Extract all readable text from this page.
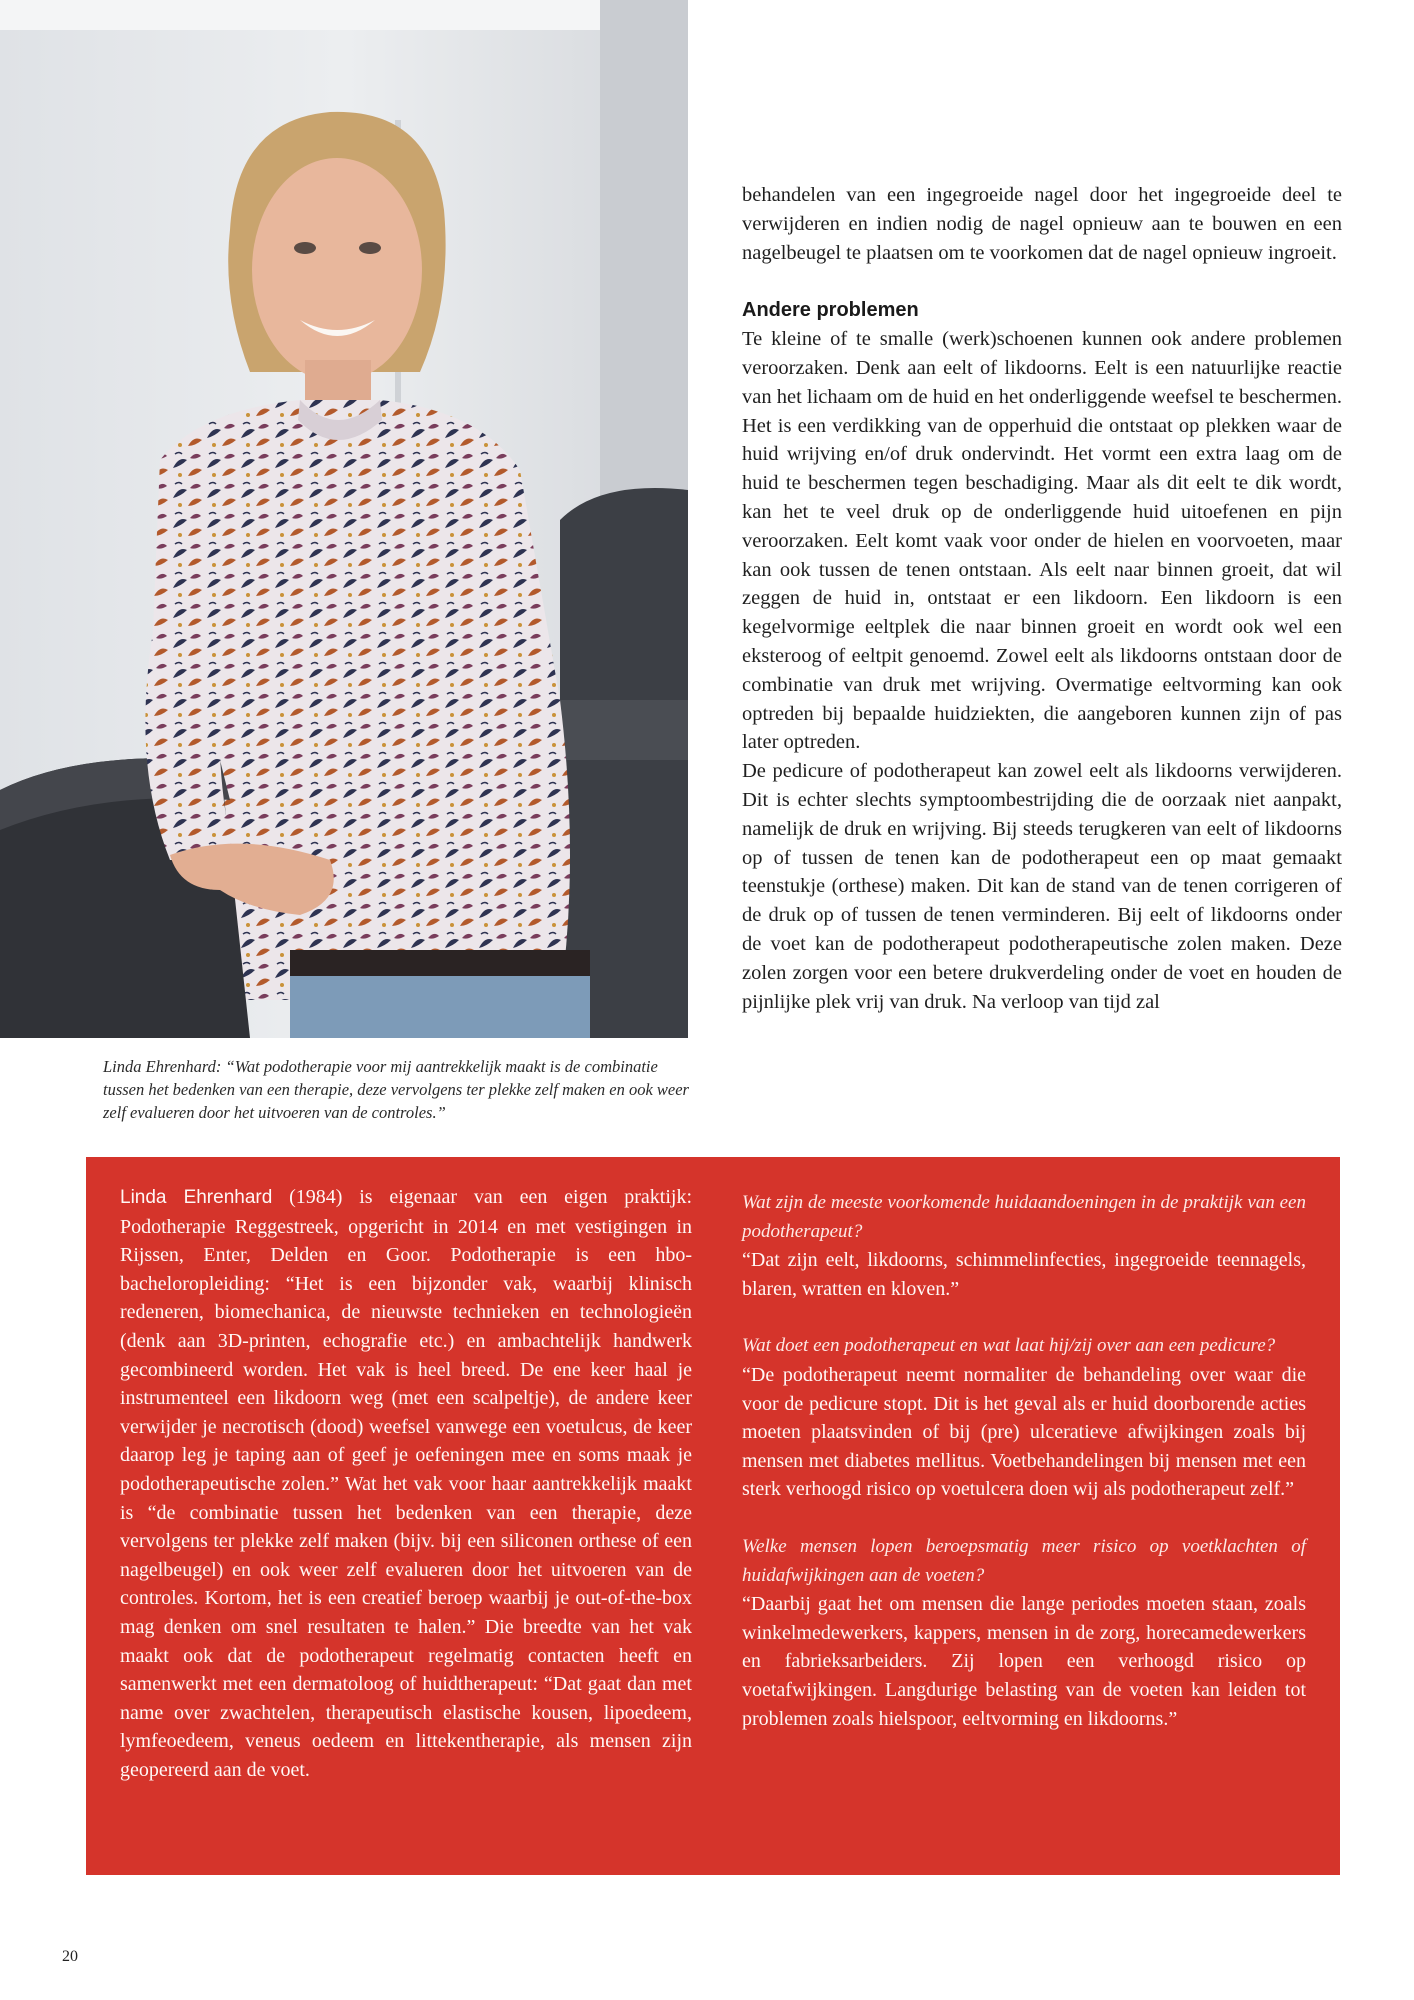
Linda Ehrenhard: “Wat podotherapie voor mij aantrekkelijk maakt is de combinatie tussen het bedenken van een therapie, deze vervolgens ter plekke zelf maken en ook weer zelf evalueren door het uitvoeren van de controles.”

behandelen van een ingegroeide nagel door het ingegroeide deel te verwijderen en indien nodig de nagel opnieuw aan te bouwen en een nagelbeugel te plaatsen om te voorkomen dat de nagel opnieuw ingroeit.

Andere problemen

Te kleine of te smalle (werk)schoenen kunnen ook andere problemen veroorzaken. Denk aan eelt of likdoorns. Eelt is een natuurlijke reactie van het lichaam om de huid en het onderliggende weefsel te beschermen. Het is een verdikking van de opperhuid die ontstaat op plekken waar de huid wrijving en/of druk ondervindt. Het vormt een extra laag om de huid te beschermen tegen beschadiging. Maar als dit eelt te dik wordt, kan het te veel druk op de onderliggende huid uitoefenen en pijn veroorzaken. Eelt komt vaak voor onder de hielen en voorvoeten, maar kan ook tussen de tenen ontstaan. Als eelt naar binnen groeit, dat wil zeggen de huid in, ontstaat er een likdoorn. Een likdoorn is een kegelvormige eeltplek die naar binnen groeit en wordt ook wel een eksteroog of eeltpit genoemd. Zowel eelt als likdoorns ontstaan door de combinatie van druk met wrijving. Overmatige eeltvorming kan ook optreden bij bepaalde huidziekten, die aangeboren kunnen zijn of pas later optreden.

De pedicure of podotherapeut kan zowel eelt als likdoorns verwijderen. Dit is echter slechts symptoombestrijding die de oorzaak niet aanpakt, namelijk de druk en wrijving. Bij steeds terugkeren van eelt of likdoorns op of tussen de tenen kan de podotherapeut een op maat gemaakt teenstukje (orthese) maken. Dit kan de stand van de tenen corrigeren of de druk op of tussen de tenen verminderen. Bij eelt of likdoorns onder de voet kan de podotherapeut podotherapeutische zolen maken. Deze zolen zorgen voor een betere drukverdeling onder de voet en houden de pijnlijke plek vrij van druk. Na verloop van tijd zal

Linda Ehrenhard (1984) is eigenaar van een eigen praktijk: Podotherapie Reggestreek, opgericht in 2014 en met vestigingen in Rijssen, Enter, Delden en Goor. Podotherapie is een hbo-bacheloropleiding: “Het is een bijzonder vak, waarbij klinisch redeneren, biomechanica, de nieuwste technieken en technologieën (denk aan 3D-printen, echografie etc.) en ambachtelijk handwerk gecombineerd worden. Het vak is heel breed. De ene keer haal je instrumenteel een likdoorn weg (met een scalpeltje), de andere keer verwijder je necrotisch (dood) weefsel vanwege een voetulcus, de keer daarop leg je taping aan of geef je oefeningen mee en soms maak je podotherapeutische zolen.” Wat het vak voor haar aantrekkelijk maakt is “de combinatie tussen het bedenken van een therapie, deze vervolgens ter plekke zelf maken (bijv. bij een siliconen orthese of een nagelbeugel) en ook weer zelf evalueren door het uitvoeren van de controles. Kortom, het is een creatief beroep waarbij je out-of-the-box mag denken om snel resultaten te halen.” Die breedte van het vak maakt ook dat de podotherapeut regelmatig contacten heeft en samenwerkt met een dermatoloog of huidtherapeut: “Dat gaat dan met name over zwachtelen, therapeutisch elastische kousen, lipoedeem, lymfeoedeem, veneus oedeem en littekentherapie, als mensen zijn geopereerd aan de voet.

Wat zijn de meeste voorkomende huidaandoeningen in de praktijk van een podotherapeut?

“Dat zijn eelt, likdoorns, schimmelinfecties, ingegroeide teennagels, blaren, wratten en kloven.”

Wat doet een podotherapeut en wat laat hij/zij over aan een pedicure?

“De podotherapeut neemt normaliter de behandeling over waar die voor de pedicure stopt. Dit is het geval als er huid doorborende acties moeten plaatsvinden of bij (pre) ulceratieve afwijkingen zoals bij mensen met diabetes mellitus. Voetbehandelingen bij mensen met een sterk verhoogd risico op voetulcera doen wij als podotherapeut zelf.”

Welke mensen lopen beroepsmatig meer risico op voetklachten of huidafwijkingen aan de voeten?

“Daarbij gaat het om mensen die lange periodes moeten staan, zoals winkelmedewerkers, kappers, mensen in de zorg, horecamedewerkers en fabrieksarbeiders. Zij lopen een verhoogd risico op voetafwijkingen. Langdurige belasting van de voeten kan leiden tot problemen zoals hielspoor, eeltvorming en likdoorns.”

20
